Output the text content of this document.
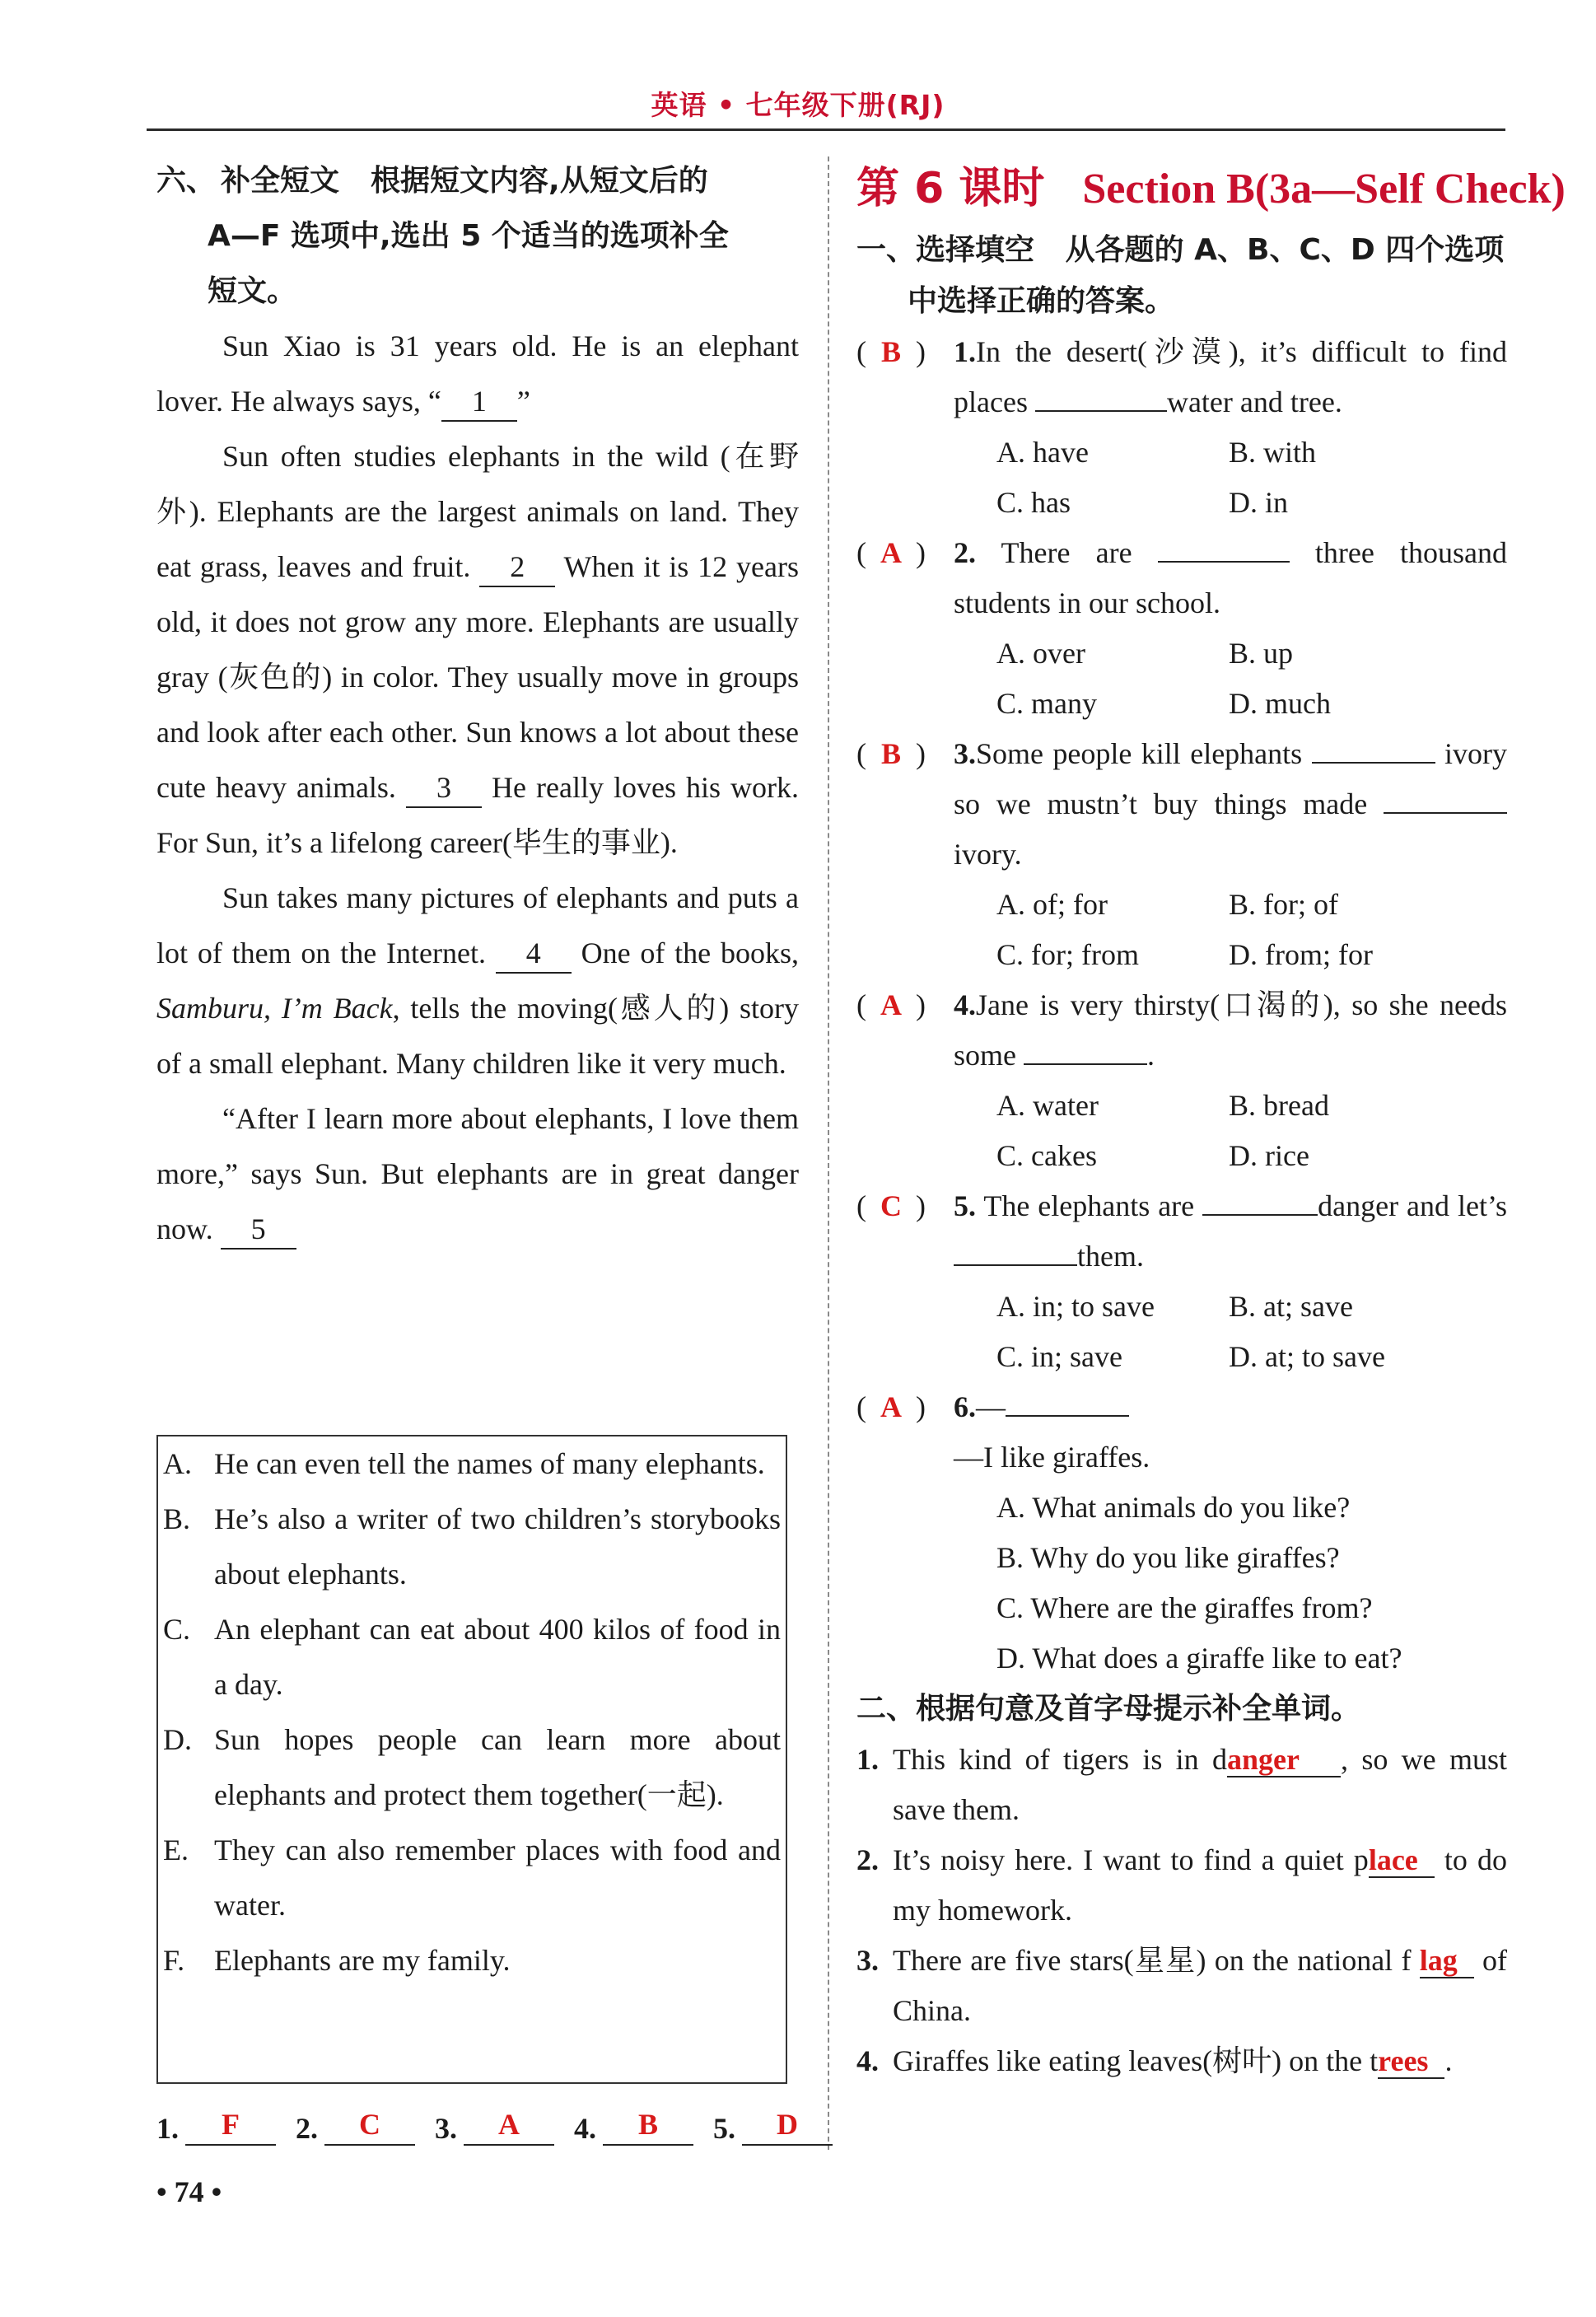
英语 • 七年级下册(RJ)
六、 补全短文 根据短文内容,从短文后的
A—F 选项中,选出 5 个适当的选项补全
短文。

Sun Xiao is 31 years old. He is an elephant lover. He always says, “ 1 ”

Sun often studies elephants in the wild (在野外). Elephants are the largest animals on land. They eat grass, leaves and fruit. 2 When it is 12 years old, it does not grow any more. Elephants are usually gray (灰色的) in color. They usually move in groups and look after each other. Sun knows a lot about these cute heavy animals. 3 He really loves his work. For Sun, it’s a lifelong career(毕生的事业).

Sun takes many pictures of elephants and puts a lot of them on the Internet. 4 One of the books, Samburu, I’m Back, tells the moving(感人的) story of a small elephant. Many children like it very much.

“After I learn more about elephants, I love them more,” says Sun. But elephants are in great danger now. 5

A. He can even tell the names of many elephants.
B. He’s also a writer of two children’s storybooks about elephants.
C. An elephant can eat about 400 kilos of food in a day.
D. Sun hopes people can learn more about elephants and protect them together(一起).
E. They can also remember places with food and water.
F. Elephants are my family.
1.	F	2.	C	3.	A	4.	B	5.	D
• 74 •
第 6 课时 Section B(3a—Self Check)
一、选择填空 从各题的 A、B、C、D 四个选项
中选择正确的答案。
( B ) 1.In the desert(沙漠), it’s difficult to find places	water and tree.
A. have	B. with
C. has	D. in
( A ) 2. There are	three thousand students in our school.
A. over	B. up
C. many	D. much
( B ) 3.Some people kill elephants	ivory so we mustn’t buy things made  ivory.
A. of; for	B. for; of
C. for; from	D. from; for
( A ) 4.Jane is very thirsty(口渴的), so she needs some	.
A. water	B. bread
C. cakes	D. rice
( C ) 5. The elephants are	danger and let’s them.
A. in; to save	B. at; save
C. in; save	D. at; to save
( A ) 6.—
—I like giraffes.
A. What animals do you like?
B. Why do you like giraffes?
C. Where are the giraffes from?
D. What does a giraffe like to eat?
二、根据句意及首字母提示补全单词。
1. This kind of tigers is in danger , so we must save them.
2. It’s noisy here. I want to find a quiet place to do my homework.
3. There are five stars(星星) on the national f lag of China.
4. Giraffes like eating leaves(树叶) on the trees .
